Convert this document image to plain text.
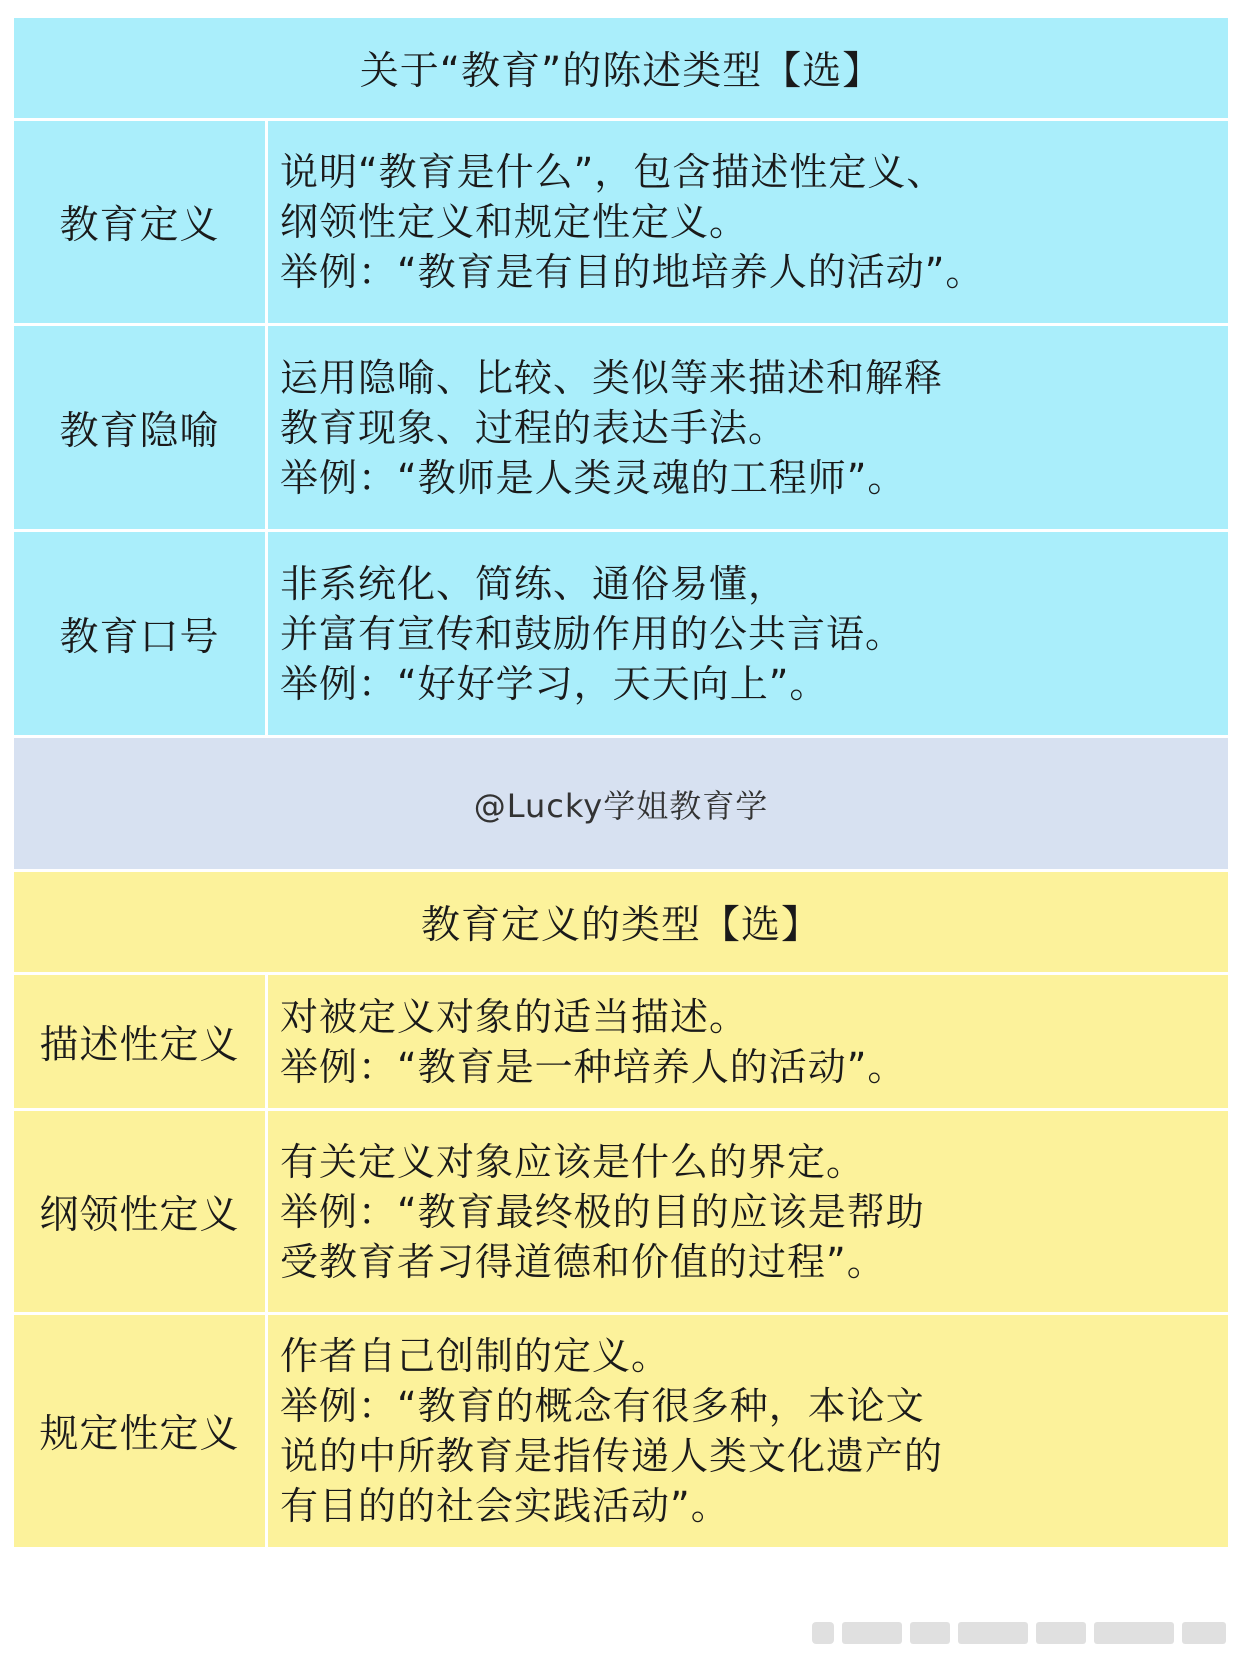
关于“教育”的陈述类型【选】
教育定义
说明“教育是什么”，包含描述性定义、
纲领性定义和规定性定义。
举例：“教育是有目的地培养人的活动”。
教育隐喻
运用隐喻、比较、类似等来描述和解释
教育现象、过程的表达手法。
举例：“教师是人类灵魂的工程师”。
教育口号
非系统化、简练、通俗易懂，
并富有宣传和鼓励作用的公共言语。
举例：“好好学习，天天向上”。
@Lucky学姐教育学
教育定义的类型【选】
描述性定义
对被定义对象的适当描述。
举例：“教育是一种培养人的活动”。
纲领性定义
有关定义对象应该是什么的界定。
举例：“教育最终极的目的应该是帮助
受教育者习得道德和价值的过程”。
规定性定义
作者自己创制的定义。
举例：“教育的概念有很多种，本论文
说的中所教育是指传递人类文化遗产的
有目的的社会实践活动”。
